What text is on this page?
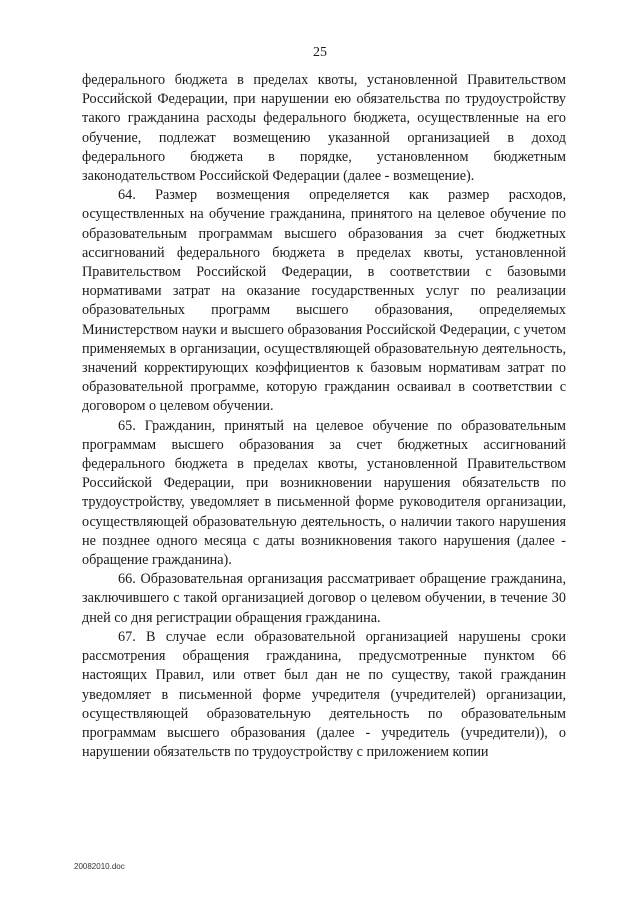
25

федерального бюджета в пределах квоты, установленной Правительством Российской Федерации, при нарушении ею обязательства по трудоустройству такого гражданина расходы федерального бюджета, осуществленные на его обучение, подлежат возмещению указанной организацией в доход федерального бюджета в порядке, установленном бюджетным законодательством Российской Федерации (далее - возмещение).

64. Размер возмещения определяется как размер расходов, осуществленных на обучение гражданина, принятого на целевое обучение по образовательным программам высшего образования за счет бюджетных ассигнований федерального бюджета в пределах квоты, установленной Правительством Российской Федерации, в соответствии с базовыми нормативами затрат на оказание государственных услуг по реализации образовательных программ высшего образования, определяемых Министерством науки и высшего образования Российской Федерации, с учетом применяемых в организации, осуществляющей образовательную деятельность, значений корректирующих коэффициентов к базовым нормативам затрат по образовательной программе, которую гражданин осваивал в соответствии с договором о целевом обучении.

65. Гражданин, принятый на целевое обучение по образовательным программам высшего образования за счет бюджетных ассигнований федерального бюджета в пределах квоты, установленной Правительством Российской Федерации, при возникновении нарушения обязательств по трудоустройству, уведомляет в письменной форме руководителя организации, осуществляющей образовательную деятельность, о наличии такого нарушения не позднее одного месяца с даты возникновения такого нарушения (далее - обращение гражданина).

66. Образовательная организация рассматривает обращение гражданина, заключившего с такой организацией договор о целевом обучении, в течение 30 дней со дня регистрации обращения гражданина.

67. В случае если образовательной организацией нарушены сроки рассмотрения обращения гражданина, предусмотренные пунктом 66 настоящих Правил, или ответ был дан не по существу, такой гражданин уведомляет в письменной форме учредителя (учредителей) организации, осуществляющей образовательную деятельность по образовательным программам высшего образования (далее - учредитель (учредители)), о нарушении обязательств по трудоустройству с приложением копии

20082010.doc
